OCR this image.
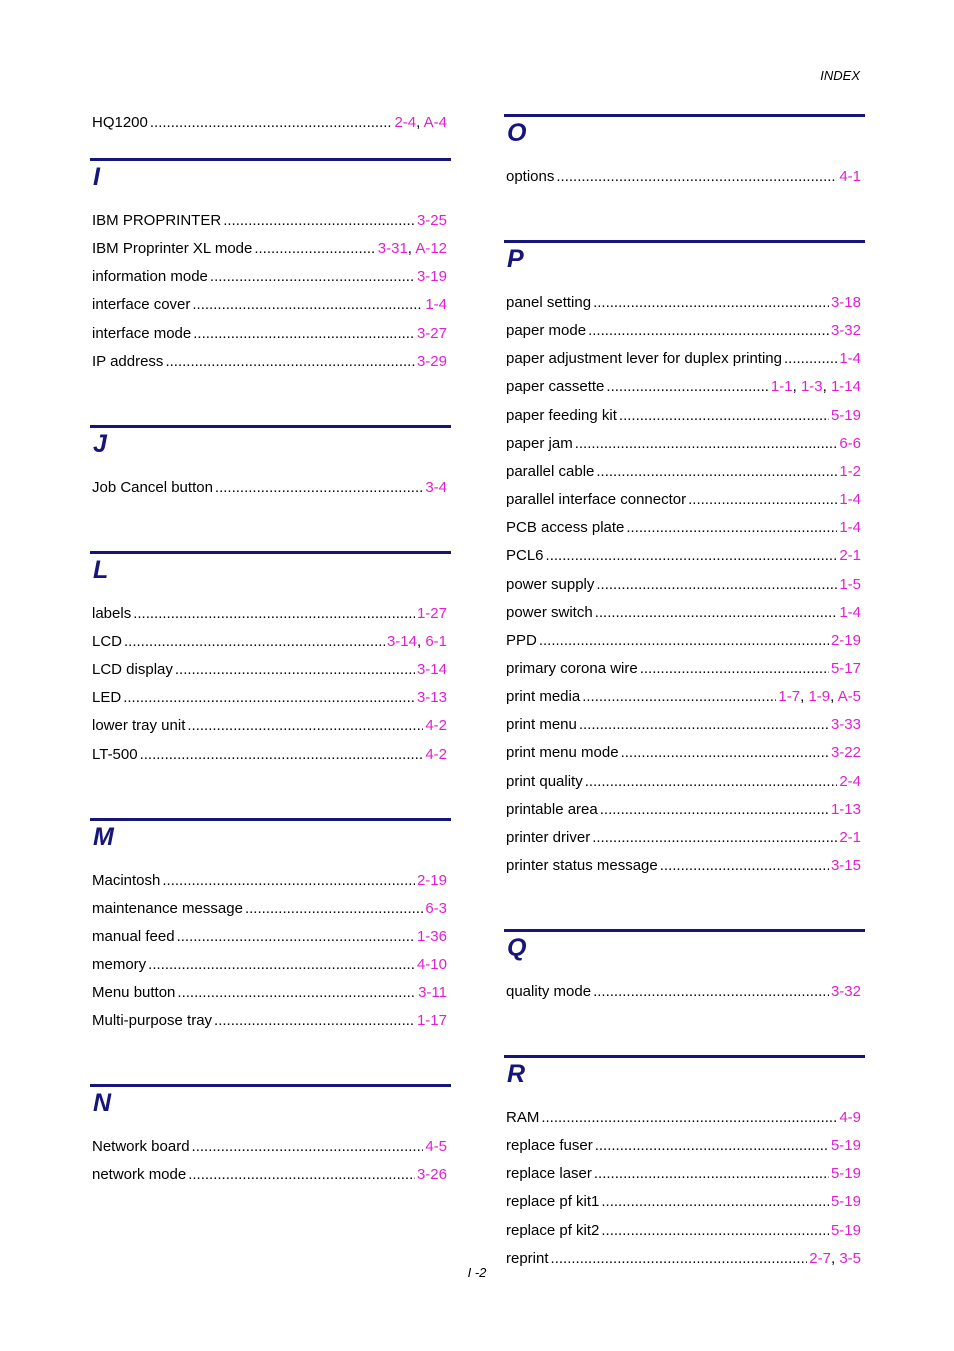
INDEX
HQ1200 .....	2-4, A-4
I
IBM PROPRINTER .....	3-25
IBM Proprinter XL mode .....	3-31, A-12
information mode .....	3-19
interface cover .....	1-4
interface mode .....	3-27
IP address .....	3-29
J
Job Cancel button .....	3-4
L
labels .....	1-27
LCD .....	3-14, 6-1
LCD display .....	3-14
LED .....	3-13
lower tray unit .....	4-2
LT-500 .....	4-2
M
Macintosh .....	2-19
maintenance message .....	6-3
manual feed .....	1-36
memory .....	4-10
Menu button .....	3-11
Multi-purpose tray .....	1-17
N
Network board .....	4-5
network mode .....	3-26
O
options .....	4-1
P
panel setting .....	3-18
paper mode .....	3-32
paper adjustment lever for duplex printing .....	1-4
paper cassette .....	1-1, 1-3, 1-14
paper feeding kit .....	5-19
paper jam .....	6-6
parallel cable .....	1-2
parallel interface connector .....	1-4
PCB access plate .....	1-4
PCL6 .....	2-1
power supply .....	1-5
power switch .....	1-4
PPD .....	2-19
primary corona wire .....	5-17
print media .....	1-7, 1-9, A-5
print menu .....	3-33
print menu mode .....	3-22
print quality .....	2-4
printable area .....	1-13
printer driver .....	2-1
printer status message .....	3-15
Q
quality mode .....	3-32
R
RAM .....	4-9
replace fuser .....	5-19
replace laser .....	5-19
replace pf kit1 .....	5-19
replace pf kit2 .....	5-19
reprint .....	2-7, 3-5
I -2
